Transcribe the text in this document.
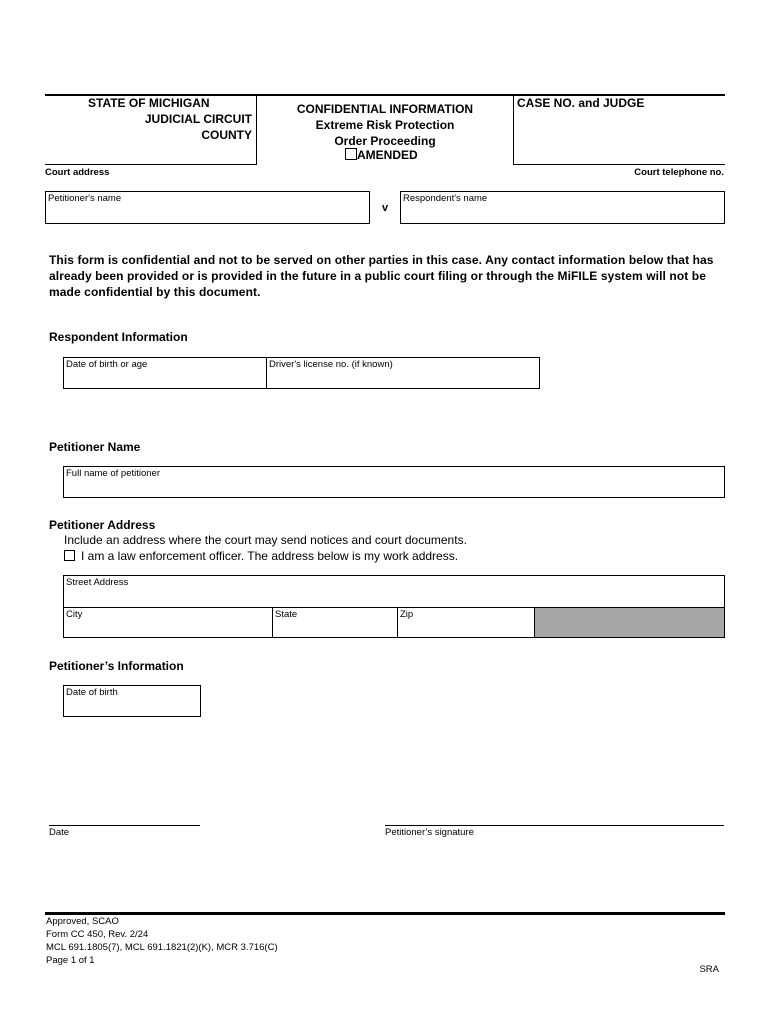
STATE OF MICHIGAN
JUDICIAL CIRCUIT
COUNTY
CONFIDENTIAL INFORMATION
Extreme Risk Protection
Order Proceeding
AMENDED
CASE NO. and JUDGE
Court address	Court telephone no.
Petitioner's name
v
Respondent's name
This form is confidential and not to be served on other parties in this case. Any contact information below that has already been provided or is provided in the future in a public court filing or through the MiFILE system will not be made confidential by this document.
Respondent Information
Date of birth or age	Driver's license no. (if known)
Petitioner Name
Full name of petitioner
Petitioner Address
Include an address where the court may send notices and court documents.
I am a law enforcement officer. The address below is my work address.
Street Address
City	State	Zip
Petitioner’s Information
Date of birth
Date	Petitioner’s signature
Approved, SCAO
Form CC 450, Rev. 2/24
MCL 691.1805(7), MCL 691.1821(2)(K), MCR 3.716(C)
Page 1 of 1
SRA
